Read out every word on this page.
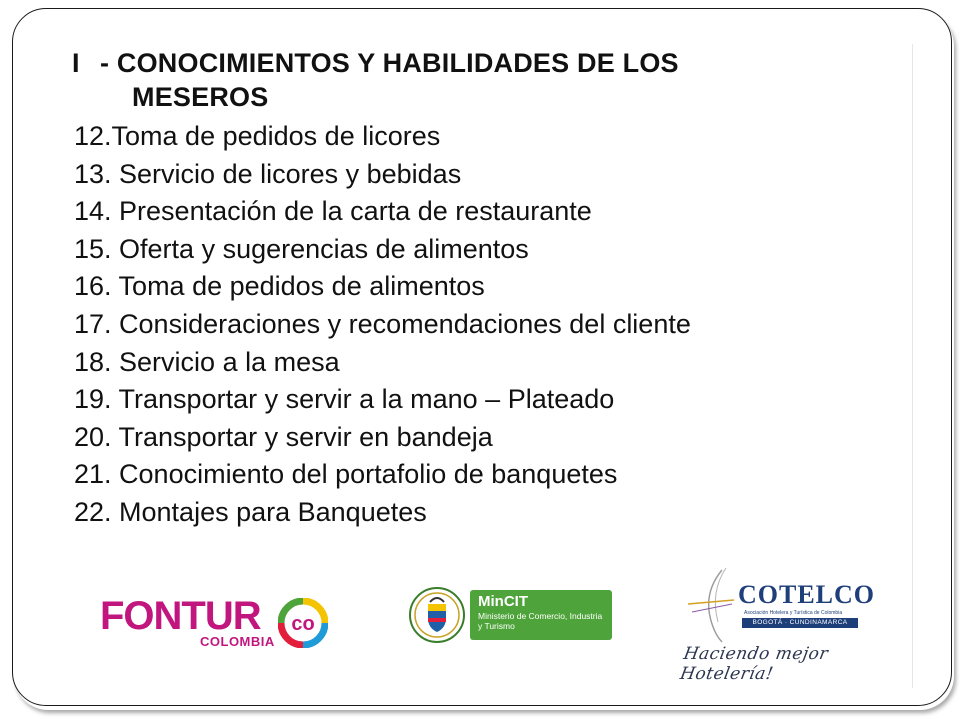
I - CONOCIMIENTOS Y HABILIDADES DE LOS
MESEROS
12.Toma de pedidos de licores
13. Servicio de licores y bebidas
14. Presentación de la carta de restaurante
15. Oferta y sugerencias de alimentos
16. Toma de pedidos de alimentos
17. Consideraciones y recomendaciones del cliente
18. Servicio a la mesa
19. Transportar y servir a la mano – Plateado
20. Transportar y servir en bandeja
21. Conocimiento del portafolio de banquetes
22. Montajes para Banquetes
FONTUR
COLOMBIA
co
MinCIT
Ministerio de Comercio, Industria y Turismo
COTELCO
Asociación Hotelera y Turística de Colombia
BOGOTÁ · CUNDINAMARCA
Haciendo mejor Hotelería!
